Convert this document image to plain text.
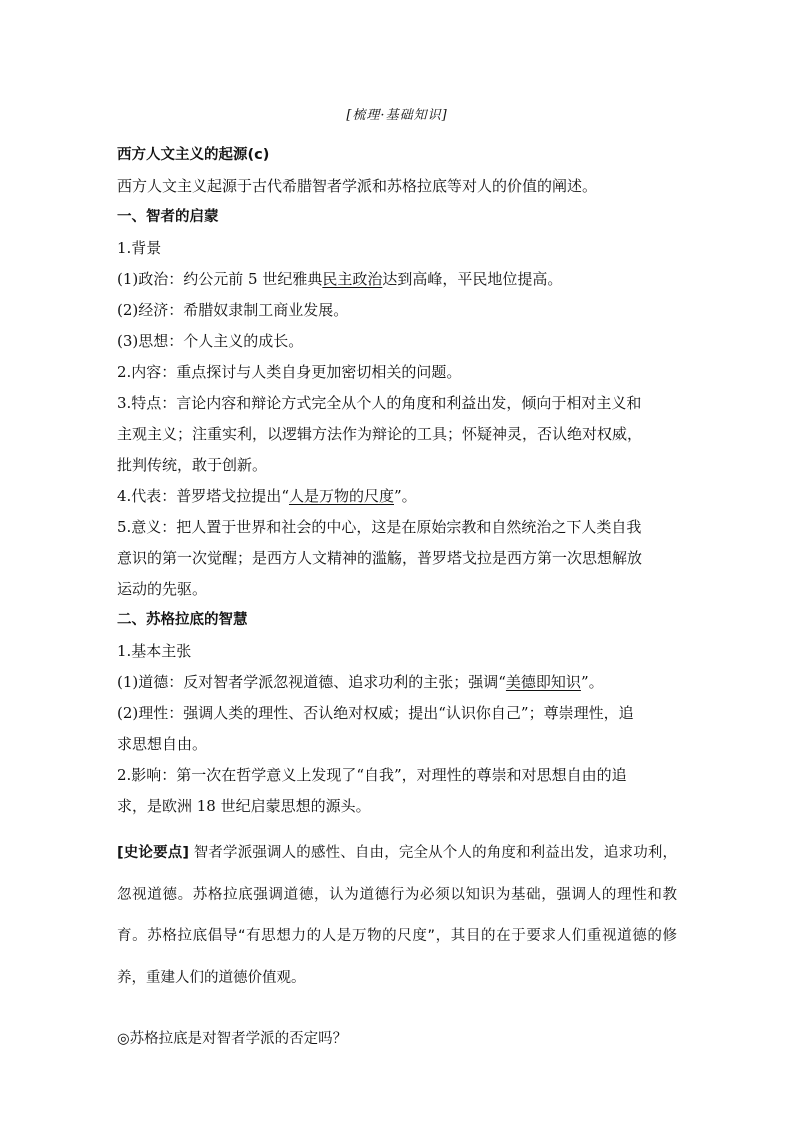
[梳理·基础知识]
西方人文主义的起源(c)
西方人文主义起源于古代希腊智者学派和苏格拉底等对人的价值的阐述。
一、智者的启蒙
1.背景
(1)政治：约公元前 5 世纪雅典民主政治达到高峰，平民地位提高。
(2)经济：希腊奴隶制工商业发展。
(3)思想：个人主义的成长。
2.内容：重点探讨与人类自身更加密切相关的问题。
3.特点：言论内容和辩论方式完全从个人的角度和利益出发，倾向于相对主义和
主观主义；注重实利，以逻辑方法作为辩论的工具；怀疑神灵，否认绝对权威，
批判传统，敢于创新。
4.代表：普罗塔戈拉提出“人是万物的尺度”。
5.意义：把人置于世界和社会的中心，这是在原始宗教和自然统治之下人类自我
意识的第一次觉醒；是西方人文精神的滥觞，普罗塔戈拉是西方第一次思想解放
运动的先驱。
二、苏格拉底的智慧
1.基本主张
(1)道德：反对智者学派忽视道德、追求功利的主张；强调“美德即知识”。
(2)理性：强调人类的理性、否认绝对权威；提出“认识你自己”；尊崇理性，追
求思想自由。
2.影响：第一次在哲学意义上发现了“自我”，对理性的尊崇和对思想自由的追
求，是欧洲 18 世纪启蒙思想的源头。
[史论要点] 智者学派强调人的感性、自由，完全从个人的角度和利益出发，追求功利，忽视道德。苏格拉底强调道德，认为道德行为必须以知识为基础，强调人的理性和教育。苏格拉底倡导“有思想力的人是万物的尺度”，其目的在于要求人们重视道德的修养，重建人们的道德价值观。
◎苏格拉底是对智者学派的否定吗？
